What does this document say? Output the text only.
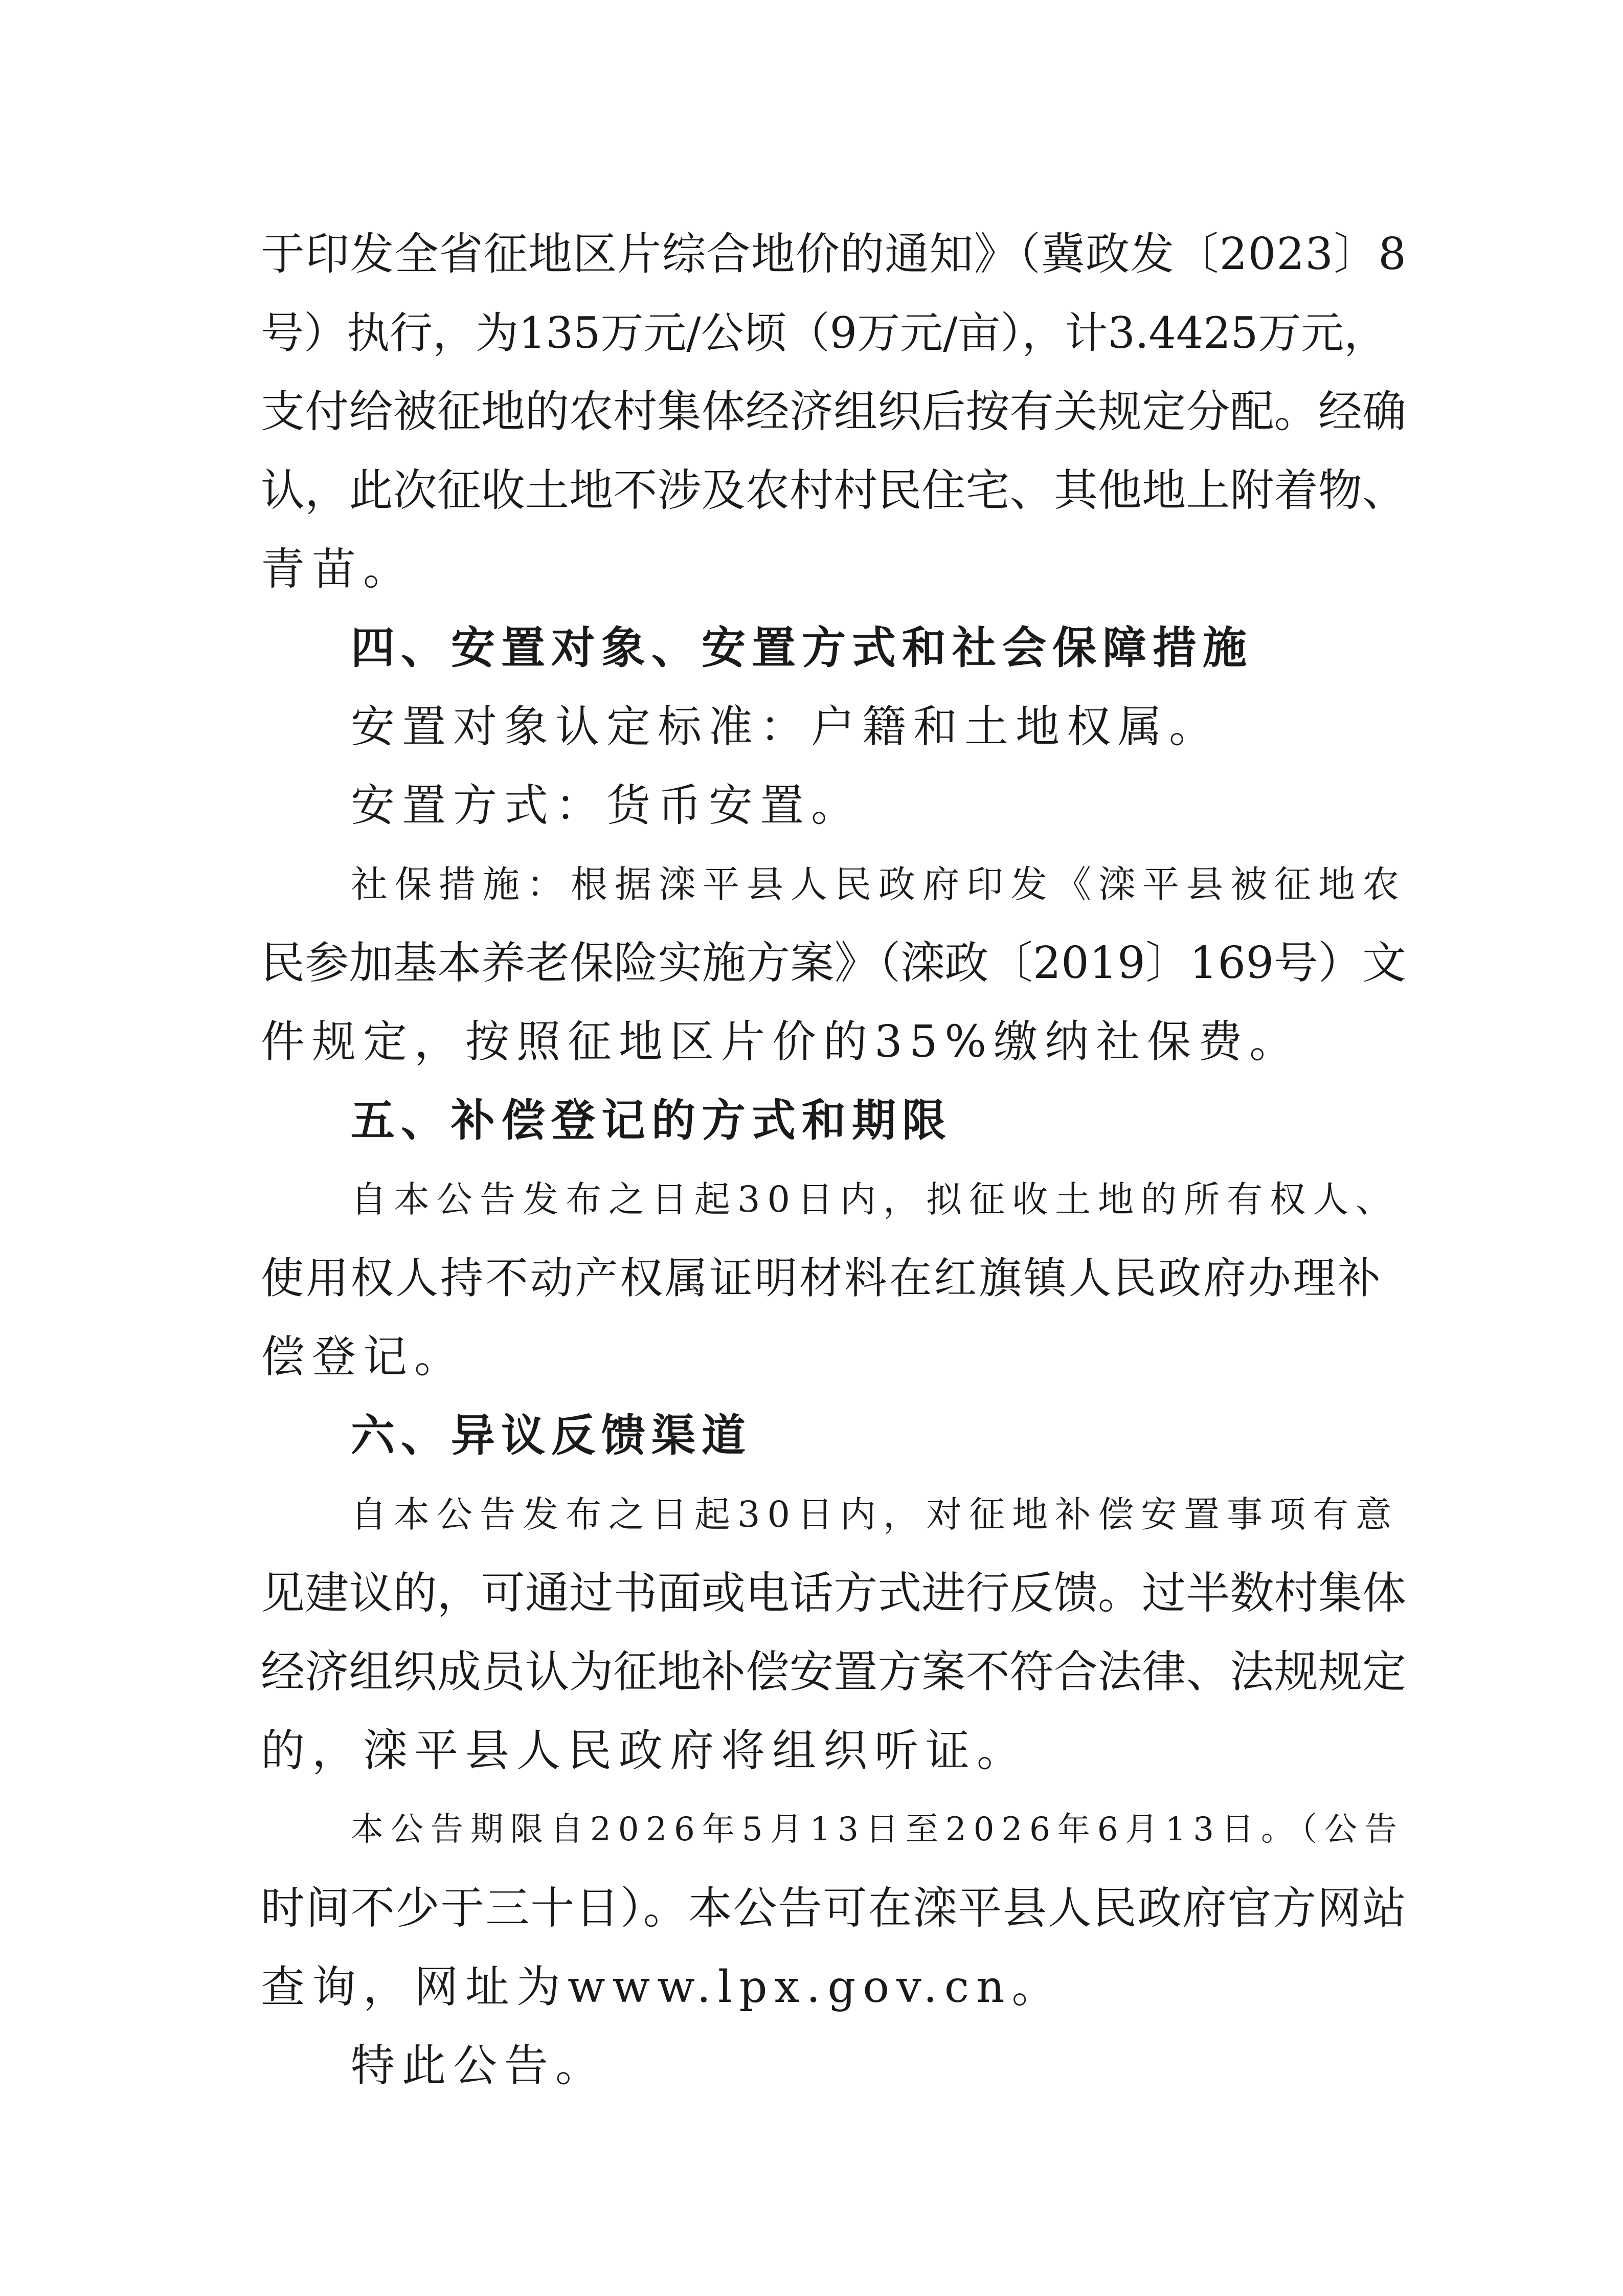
于印发全省征地区片综合地价的通知》（冀政发〔2023〕8
号）执行，为135万元/公顷（9万元/亩），计3.4425万元，
支付给被征地的农村集体经济组织后按有关规定分配。经确
认，此次征收土地不涉及农村村民住宅、其他地上附着物、
青苗。
四、安置对象、安置方式和社会保障措施
安置对象认定标准：户籍和土地权属。
安置方式：货币安置。
社保措施：根据滦平县人民政府印发《滦平县被征地农
民参加基本养老保险实施方案》（滦政〔2019〕169号）文
件规定，按照征地区片价的35%缴纳社保费。
五、补偿登记的方式和期限
自本公告发布之日起30日内，拟征收土地的所有权人、
使用权人持不动产权属证明材料在红旗镇人民政府办理补
偿登记。
六、异议反馈渠道
自本公告发布之日起30日内，对征地补偿安置事项有意
见建议的，可通过书面或电话方式进行反馈。过半数村集体
经济组织成员认为征地补偿安置方案不符合法律、法规规定
的，滦平县人民政府将组织听证。
本公告期限自2026年5月13日至2026年6月13日。（公告
时间不少于三十日）。本公告可在滦平县人民政府官方网站
查询，网址为www.lpx.gov.cn。
特此公告。
